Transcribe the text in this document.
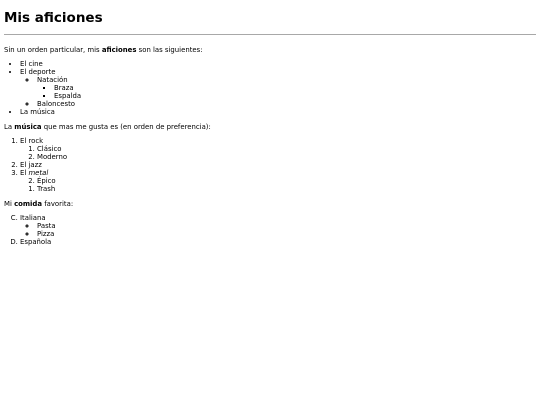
Mis aficiones

Sin un orden particular, mis aficiones son las siguientes:

• El cine
• El deporte
◦ Natación
▪ Braza
▪ Espalda
◦ Baloncesto
• La música

La música que mas me gusta es (en orden de preferencia):

1. El rock
1. Clásico
2. Moderno
2. El jazz
3. El metal
2. Épico
1. Trash

Mi comida favorita:

C. Italiana
◦ Pasta
◦ Pizza
D. Española
